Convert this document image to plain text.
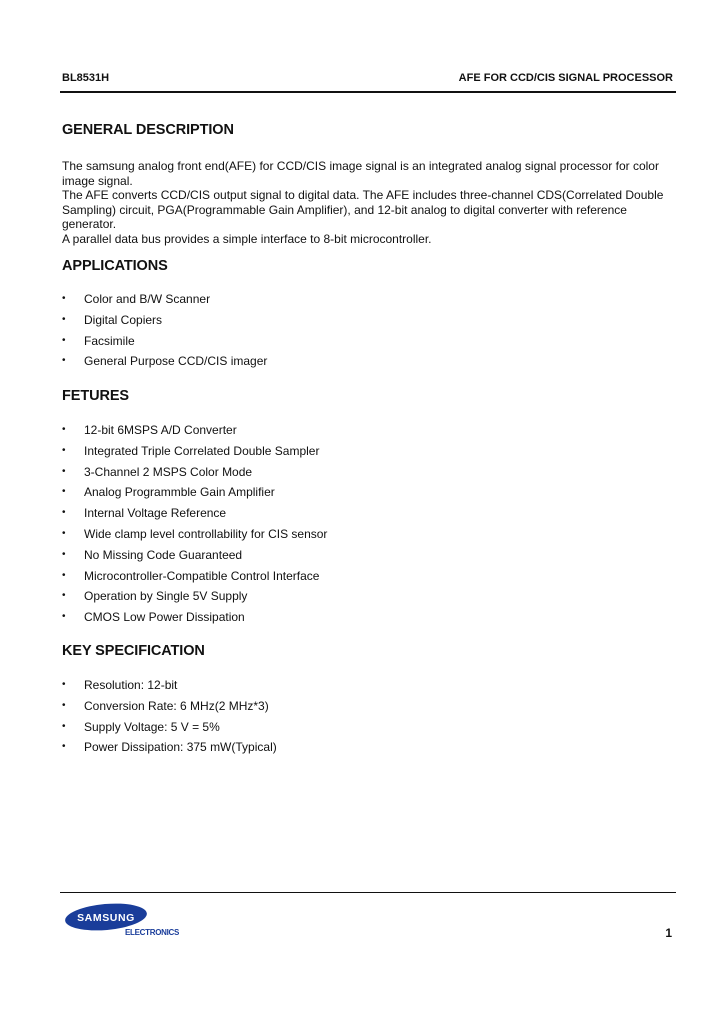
BL8531H	AFE FOR CCD/CIS SIGNAL PROCESSOR
GENERAL DESCRIPTION

The samsung analog front end(AFE) for CCD/CIS image signal is an integrated analog signal processor for color image signal.

The AFE converts CCD/CIS output signal to digital data. The AFE includes three-channel CDS(Correlated Double Sampling) circuit, PGA(Programmable Gain Amplifier), and 12-bit analog to digital converter with reference generator.

A parallel data bus provides a simple interface to 8-bit microcontroller.

APPLICATIONS
• Color and B/W Scanner
• Digital Copiers
• Facsimile
• General Purpose CCD/CIS imager
FETURES
• 12-bit 6MSPS A/D Converter
• Integrated Triple Correlated Double Sampler
• 3-Channel 2 MSPS Color Mode
• Analog Programmble Gain Amplifier
• Internal Voltage Reference
• Wide clamp level controllability for CIS sensor
• No Missing Code Guaranteed
• Microcontroller-Compatible Control Interface
• Operation by Single 5V Supply
• CMOS Low Power Dissipation
KEY SPECIFICATION
• Resolution: 12-bit
• Conversion Rate: 6 MHz(2 MHz*3)
• Supply Voltage: 5 V = 5%
• Power Dissipation: 375 mW(Typical)
SAMSUNG
ELECTRONICS	1
